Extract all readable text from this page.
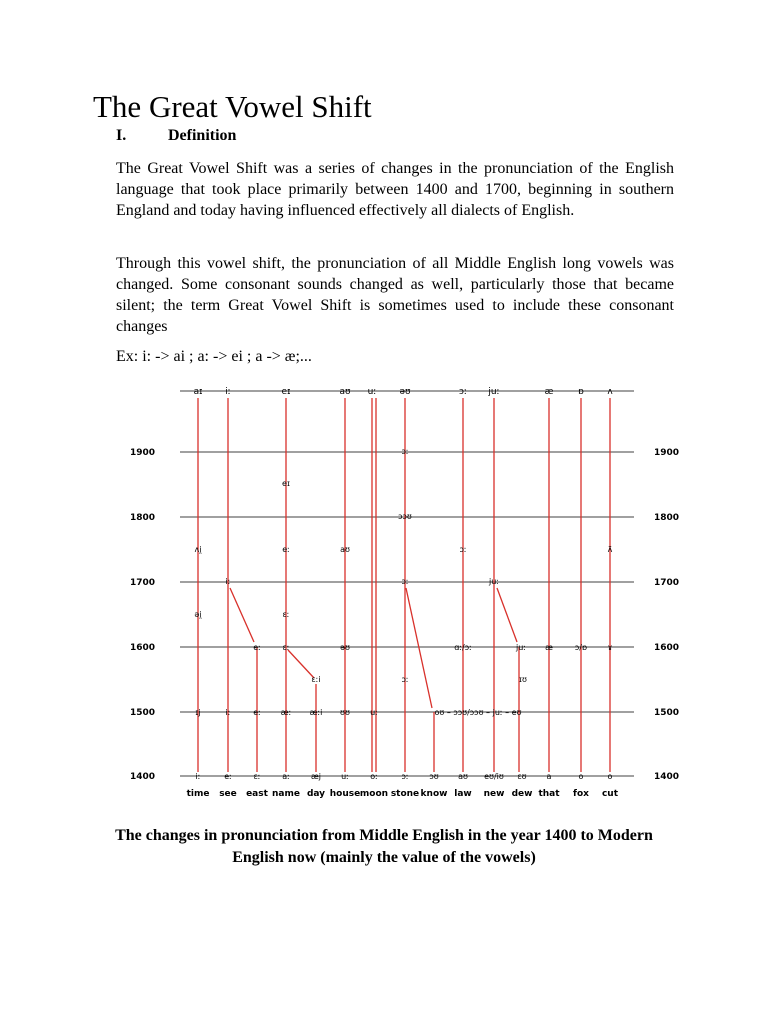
The Great Vowel Shift
I.	Definition

The Great Vowel Shift was a series of changes in the pronunciation of the English language that took place primarily between 1400 and 1700, beginning in southern England and today having influenced effectively all dialects of English.

Through this vowel shift, the pronunciation of all Middle English long vowels was changed. Some consonant sounds changed as well, particularly those that became silent; the term Great Vowel Shift is sometimes used to include these consonant changes

Ex: i: -> ai ; a: -> ei ; a -> æ;...
1900
1800
1700
1600
1500
1400
1900
1800
1700
1600
1500
1400
aɪ	iː	eɪ	aʊ uː	əʊ	ɔː juː	æ	ɒ	ʌ
ɔː
eɪ
ɔɔʊ
ʌi̯	eː	aʊ	ɔː	ʌ̃
iː	ɔː	juː
əi̯	ɛː
ɛːi	ɔː	ɪʊ
eː	ɛː	əʊ	ɑː/ɔː	juː æ	ɔ/ɒ	ɤ
ɪj	iː	eː æː æːi ʊʊ	uː	oʊ – ɔɔʊ/ɔɔʊ – juː – eʊ
iː	eː	ɛː	aː	æj	uː	oː	ɔː	ɔʊ aʊ eʊ/iʊ ɛʊ a	o	o
time see east name day house moon stone know law new dew that fox cut
The changes in pronunciation from Middle English in the year 1400 to Modern English now (mainly the value of the vowels)
